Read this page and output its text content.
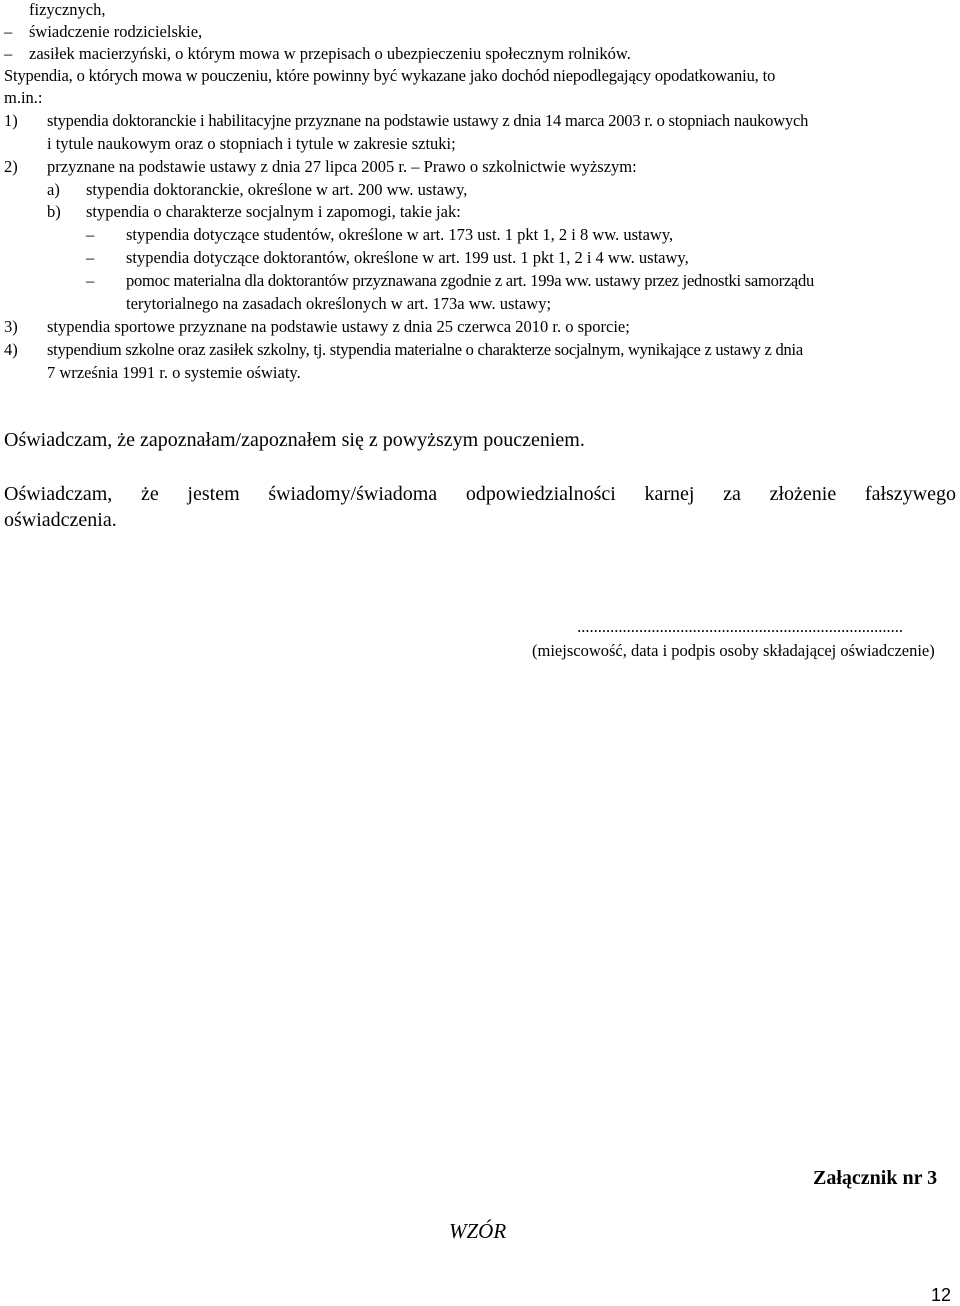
fizycznych,
– świadczenie rodzicielskie,
– zasiłek macierzyński, o którym mowa w przepisach o ubezpieczeniu społecznym rolników.
Stypendia, o których mowa w pouczeniu, które powinny być wykazane jako dochód niepodlegający opodatkowaniu, to
m.in.:
1) stypendia doktoranckie i habilitacyjne przyznane na podstawie ustawy z dnia 14 marca 2003 r. o stopniach naukowych
i tytule naukowym oraz o stopniach i tytule w zakresie sztuki;
2) przyznane na podstawie ustawy z dnia 27 lipca 2005 r. – Prawo o szkolnictwie wyższym:
a) stypendia doktoranckie, określone w art. 200 ww. ustawy,
b) stypendia o charakterze socjalnym i zapomogi, takie jak:
– stypendia dotyczące studentów, określone w art. 173 ust. 1 pkt 1, 2 i 8 ww. ustawy,
– stypendia dotyczące doktorantów, określone w art. 199 ust. 1 pkt 1, 2 i 4 ww. ustawy,
– pomoc materialna dla doktorantów przyznawana zgodnie z art. 199a ww. ustawy przez jednostki samorządu
terytorialnego na zasadach określonych w art. 173a ww. ustawy;
3) stypendia sportowe przyznane na podstawie ustawy z dnia 25 czerwca 2010 r. o sporcie;
4) stypendium szkolne oraz zasiłek szkolny, tj. stypendia materialne o charakterze socjalnym, wynikające z ustawy z dnia
7 września 1991 r. o systemie oświaty.
Oświadczam, że zapoznałam/zapoznałem się z powyższym pouczeniem.
Oświadczam, że jestem świadomy/świadoma odpowiedzialności karnej za złożenie fałszywego
oświadczenia.
...............................................................................
(miejscowość, data i podpis osoby składającej oświadczenie)
Załącznik nr 3
WZÓR
12
